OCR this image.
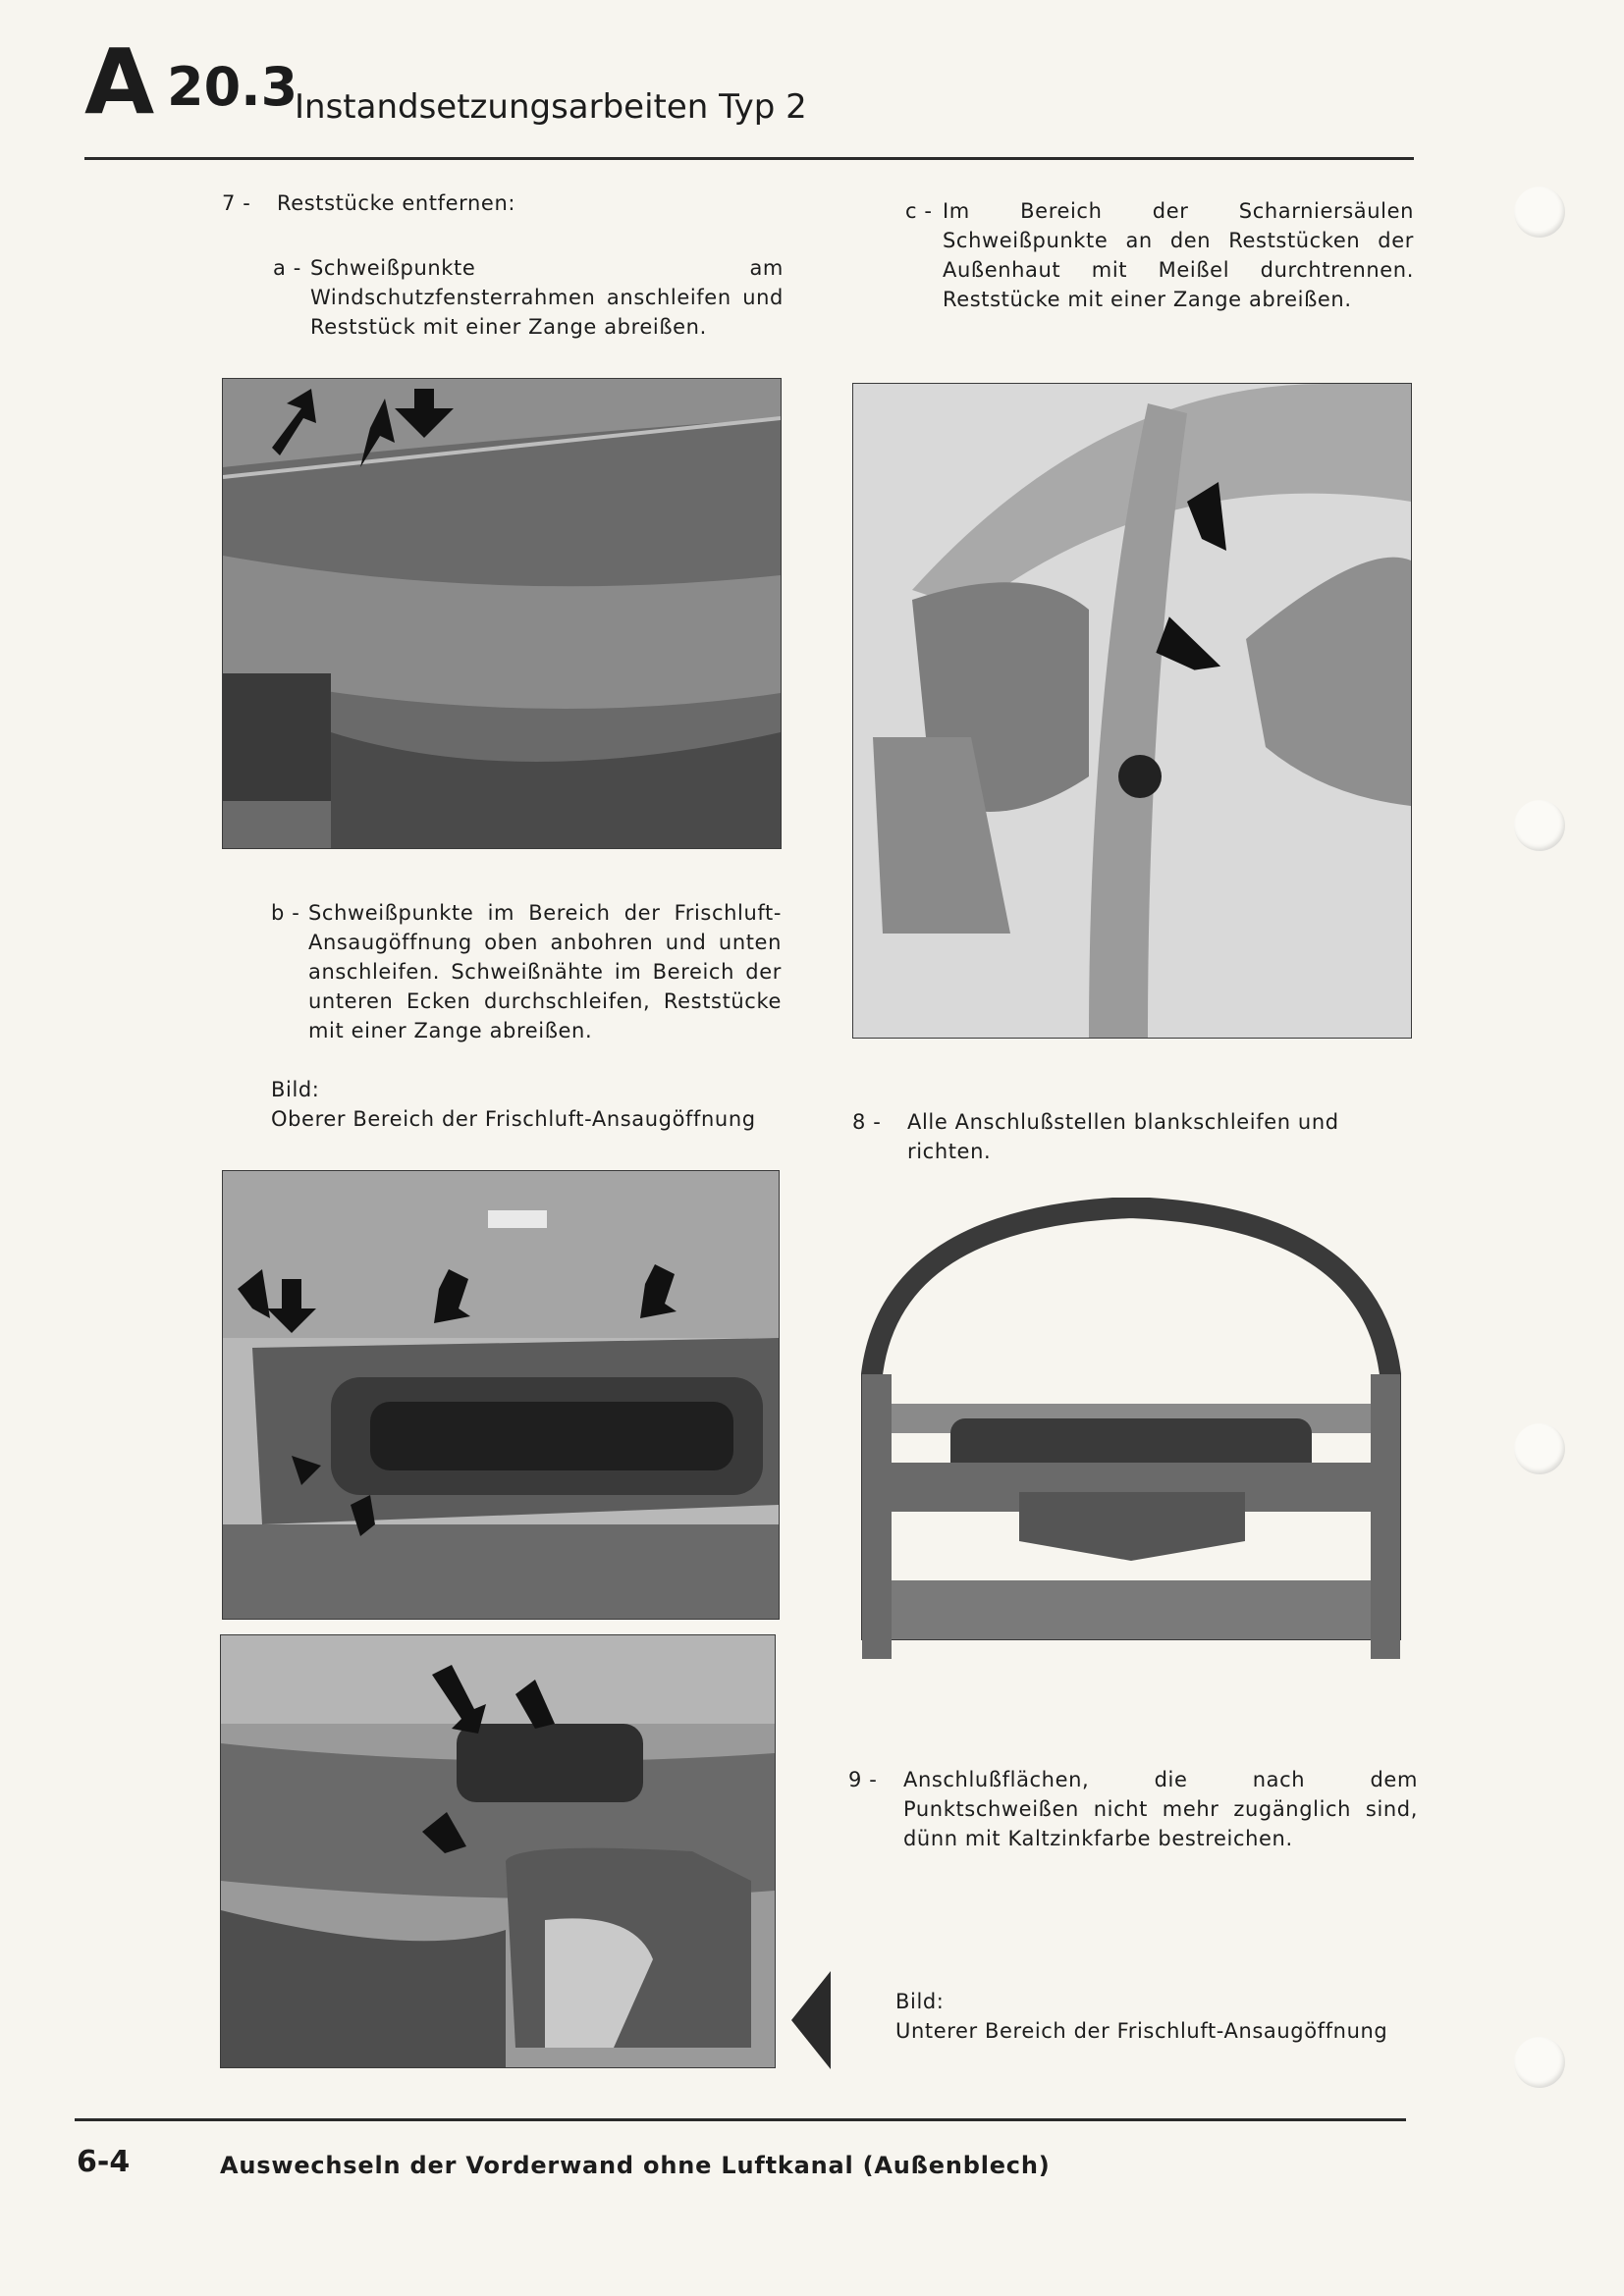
A 20.3
Instandsetzungsarbeiten Typ 2
7 -	Reststücke entfernen:
a - Schweißpunkte am Windschutzfensterrahmen anschleifen und Reststück mit einer Zange abreißen.
c - Im Bereich der Scharniersäulen Schweißpunkte an den Reststücken der Außenhaut mit Meißel durchtrennen. Reststücke mit einer Zange abreißen.
b - Schweißpunkte im Bereich der Frischluft-Ansaugöffnung oben anbohren und unten anschleifen. Schweißnähte im Bereich der unteren Ecken durchschleifen, Reststücke mit einer Zange abreißen.
Bild:
Oberer Bereich der Frischluft-Ansaugöffnung	8 -	Alle Anschlußstellen blankschleifen und richten.
9 -	Anschlußflächen, die nach dem Punktschweißen nicht mehr zugänglich sind, dünn mit Kaltzinkfarbe bestreichen.
Bild:
Unterer Bereich der Frischluft-Ansaugöffnung
6-4	Auswechseln der Vorderwand ohne Luftkanal (Außenblech)
